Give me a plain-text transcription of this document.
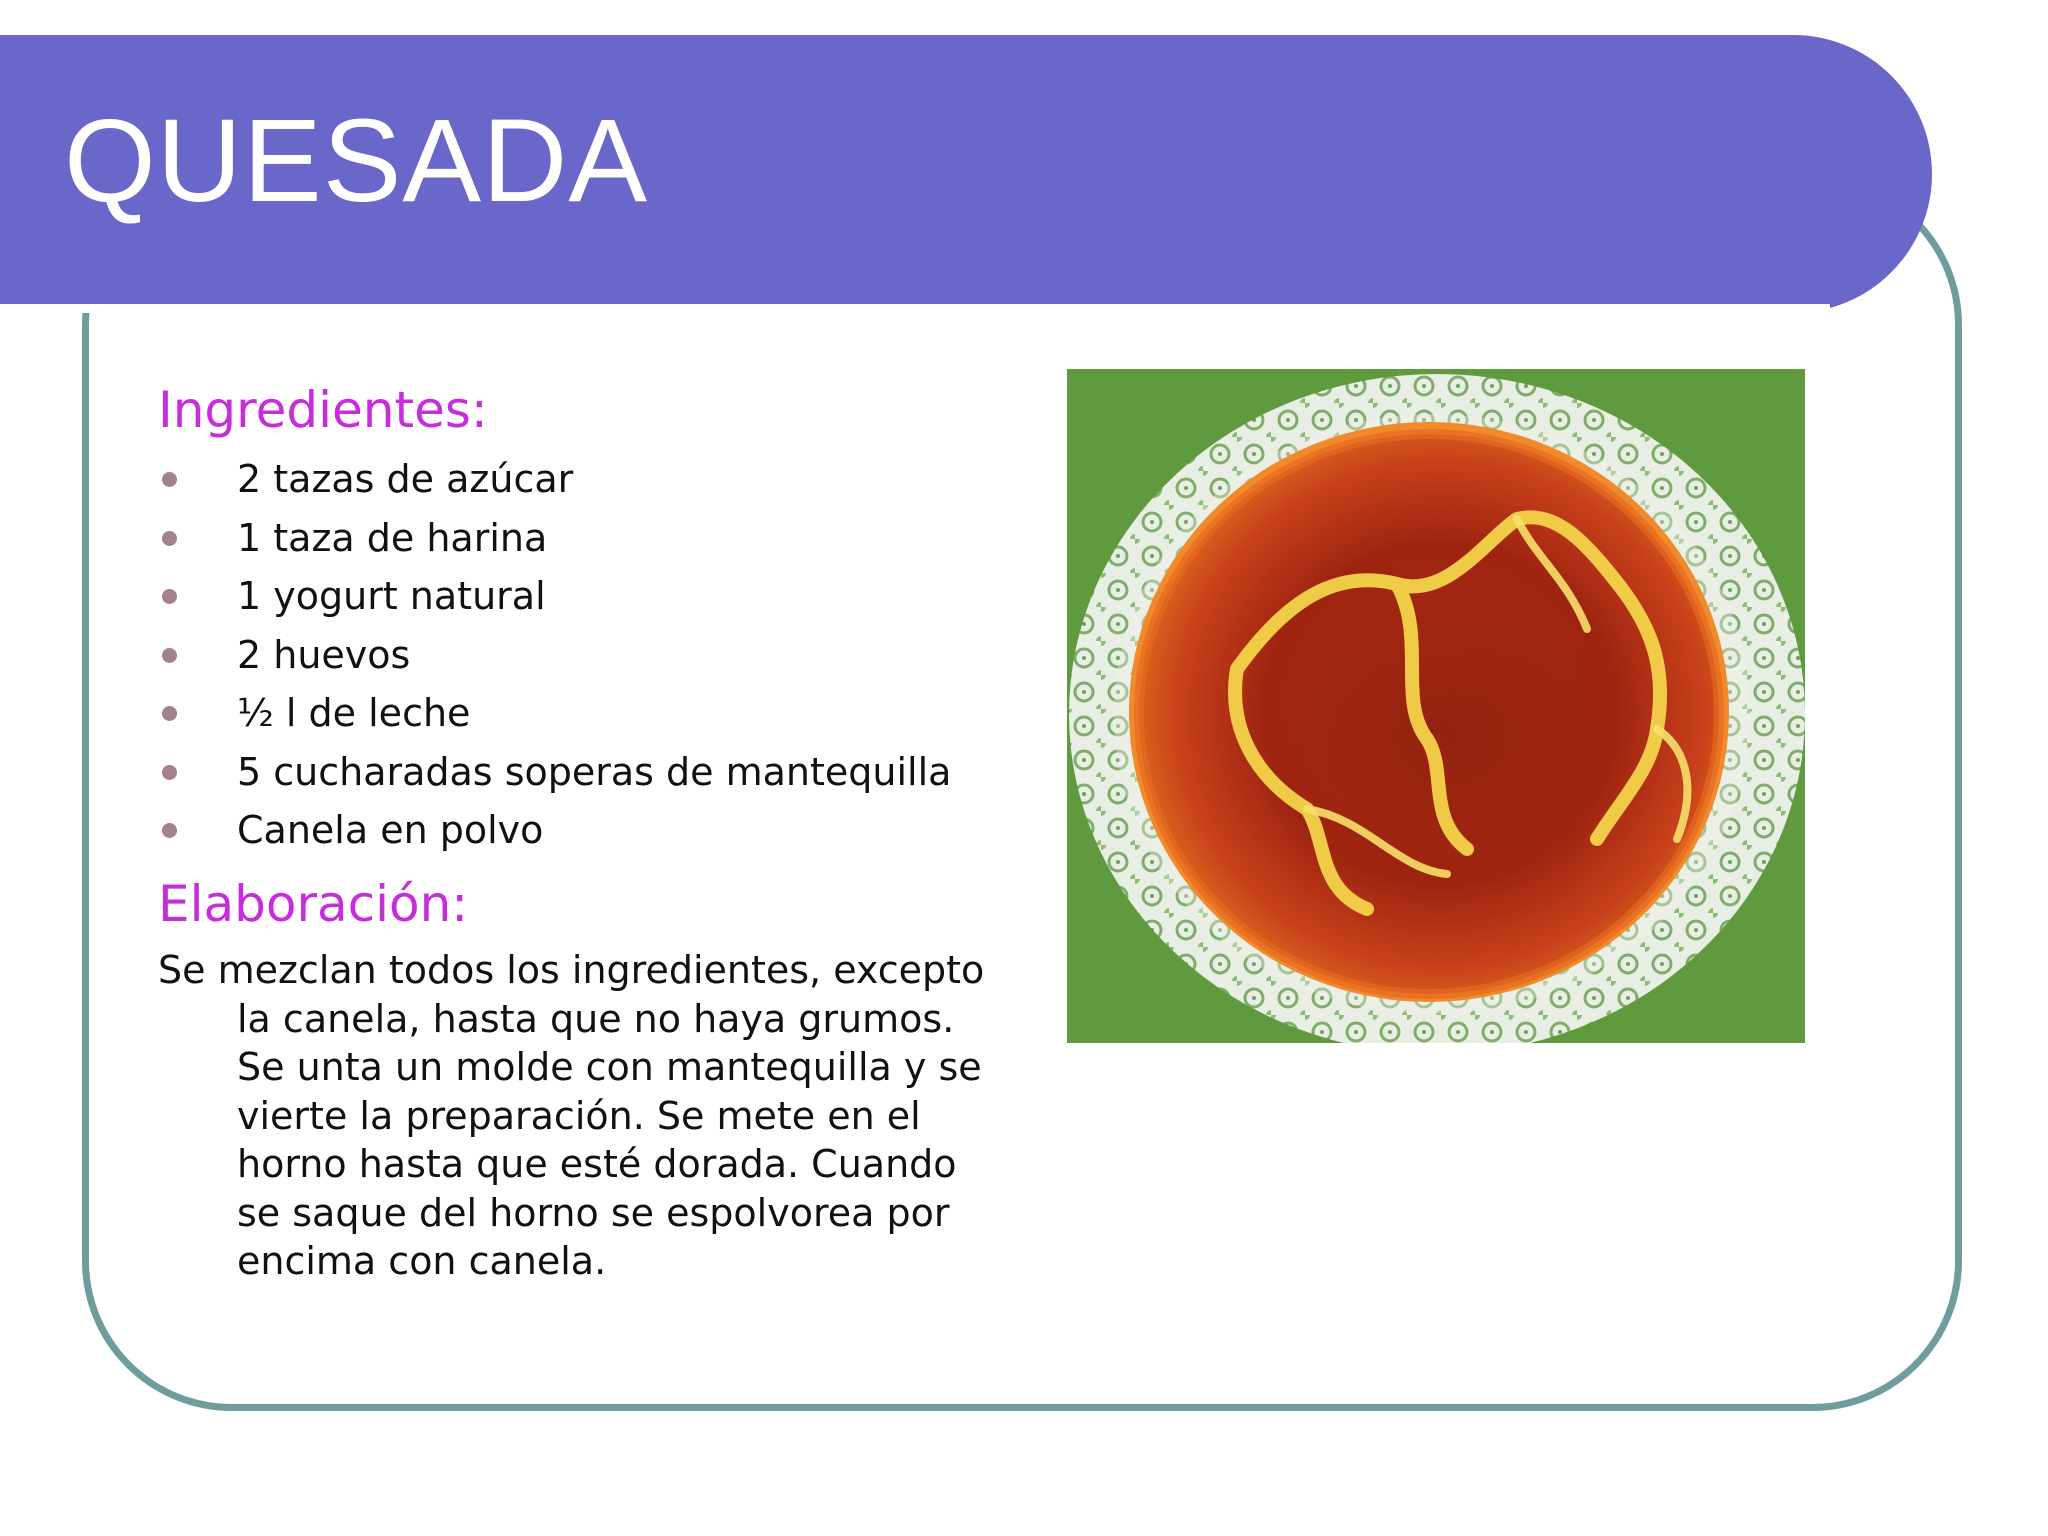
QUESADA
Ingredientes:
2 tazas de azúcar
1 taza de harina
1 yogurt natural
2 huevos
½ l de leche
5 cucharadas soperas de mantequilla
Canela en polvo
Elaboración:

Se mezclan todos los ingredientes, excepto la canela, hasta que no haya grumos. Se unta un molde con mantequilla y se vierte la preparación. Se mete en el horno hasta que esté dorada. Cuando se saque del horno se espolvorea por encima con canela.
